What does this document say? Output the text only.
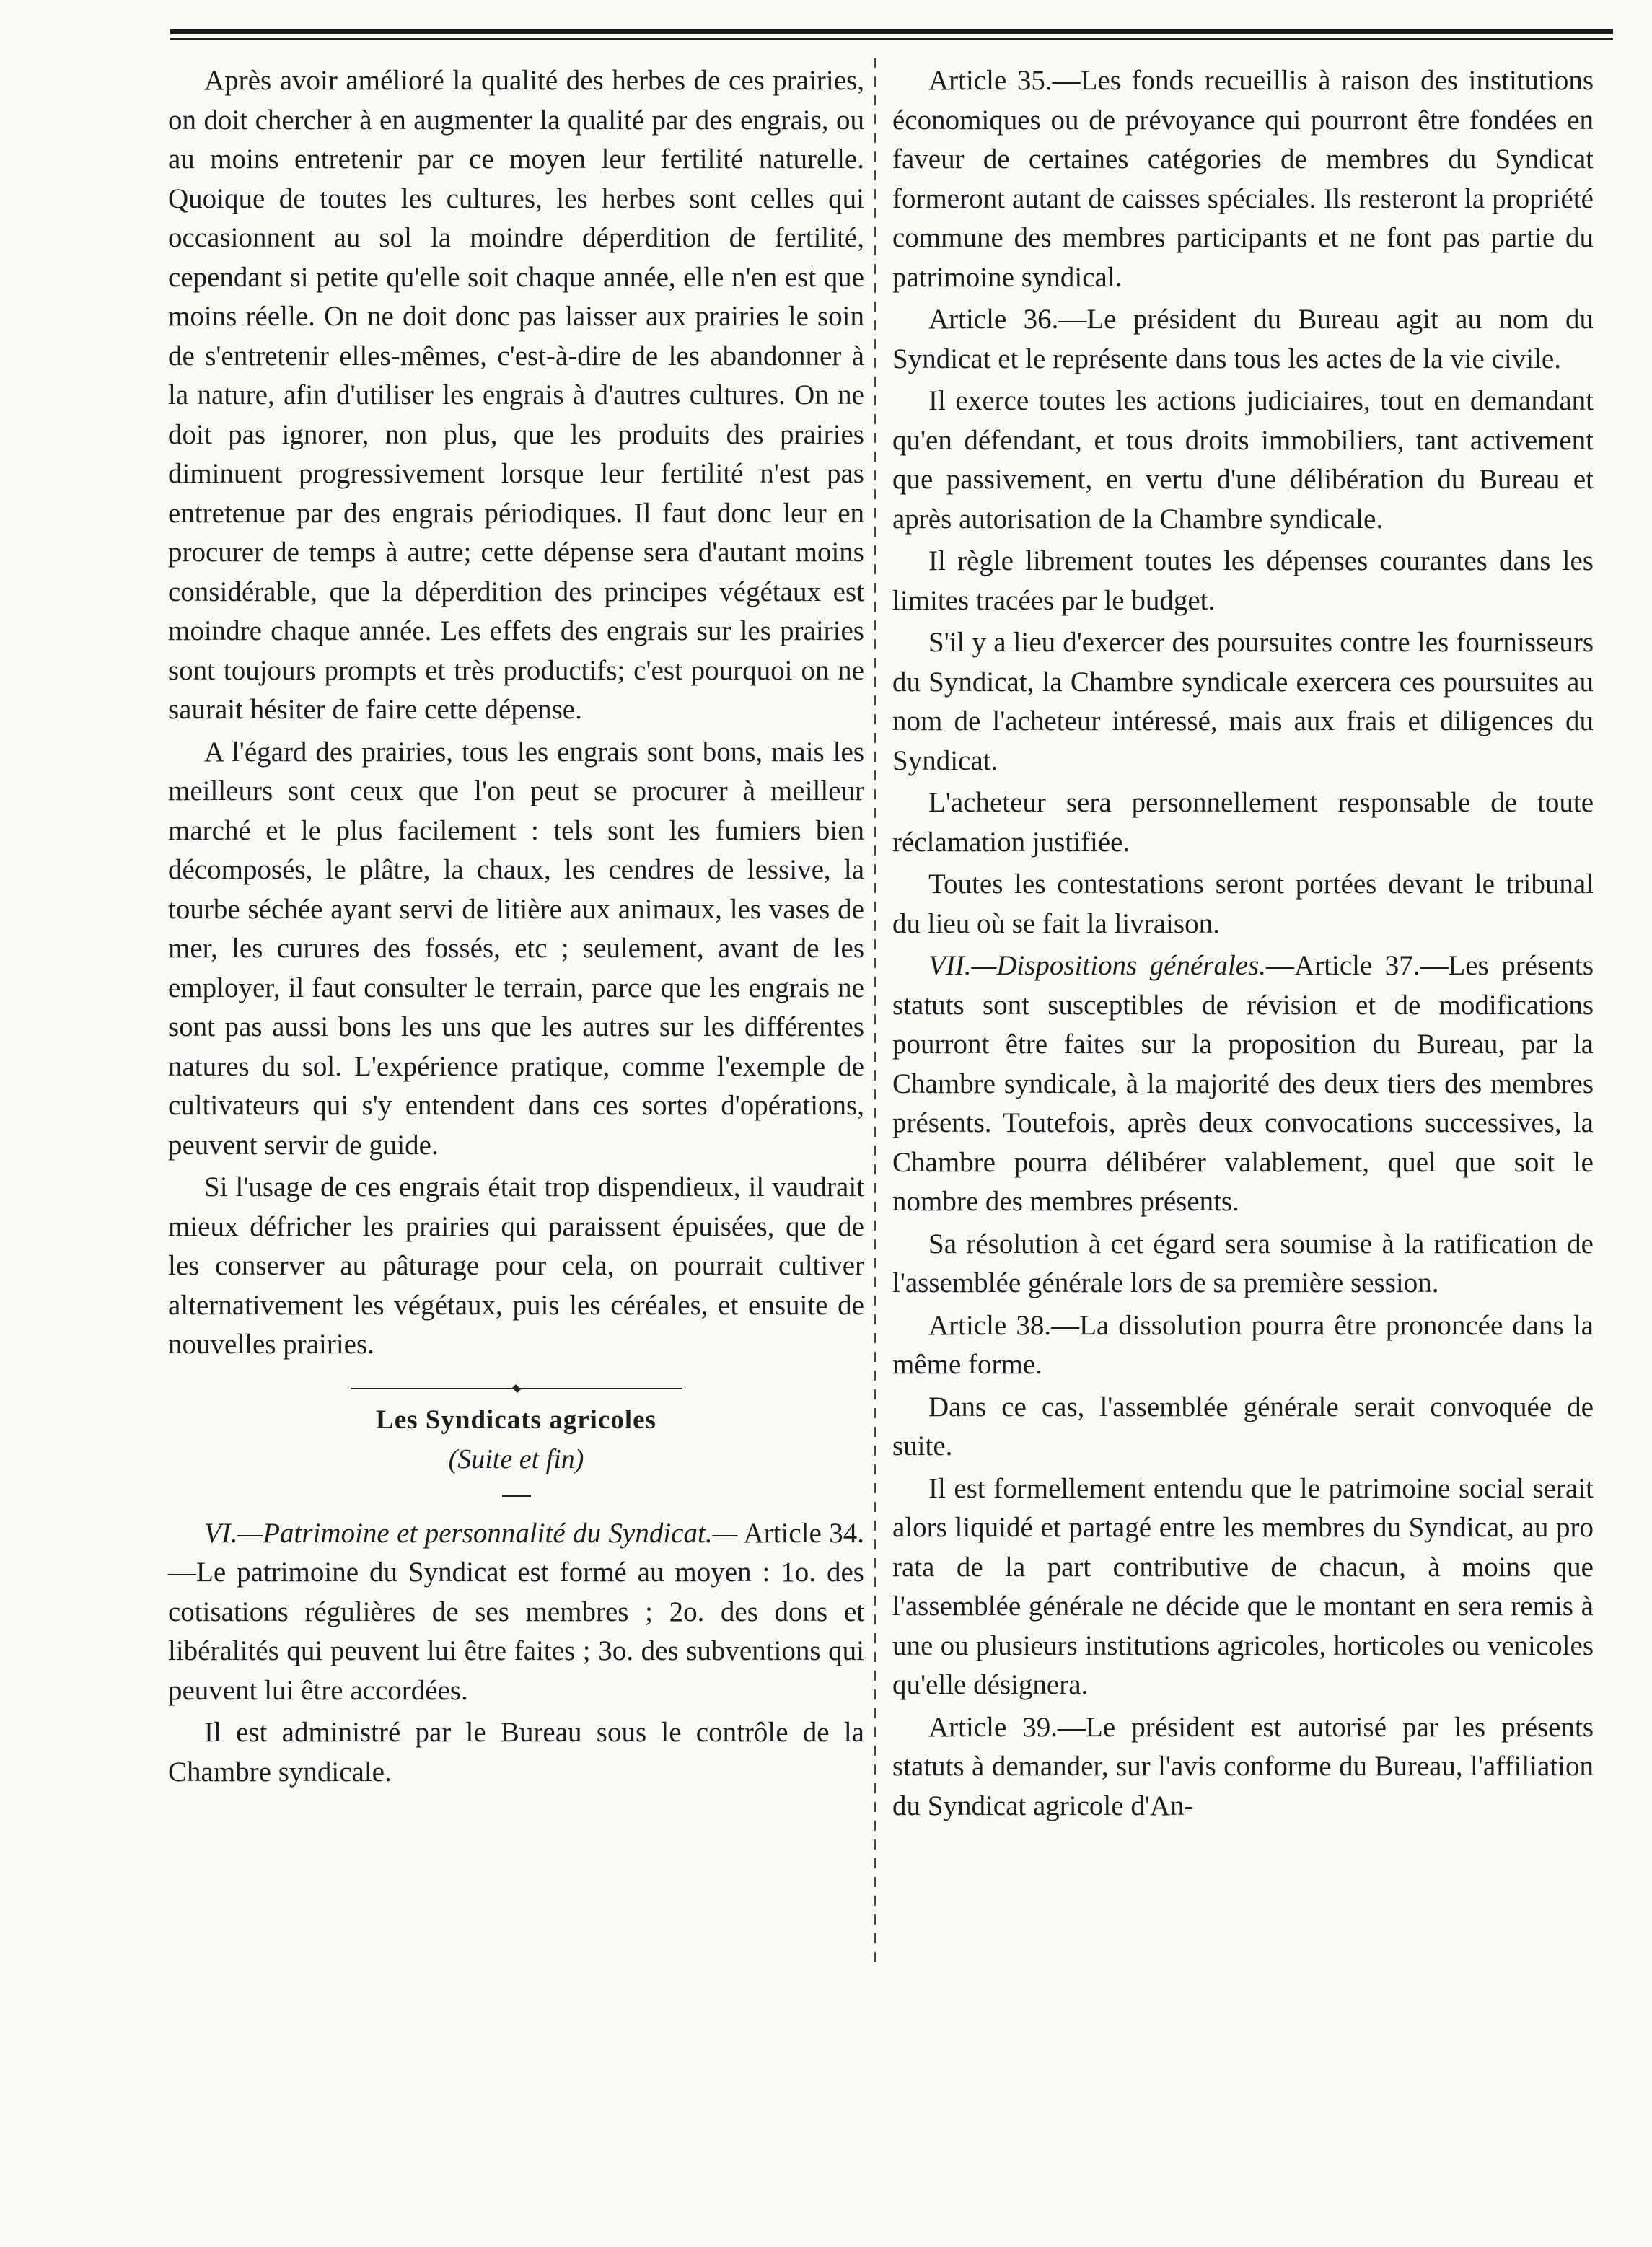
Après avoir amélioré la qualité des herbes de ces prairies, on doit chercher à en augmenter la qualité par des engrais, ou au moins entretenir par ce moyen leur fertilité naturelle. Quoique de toutes les cultures, les herbes sont celles qui occasionnent au sol la moindre déperdition de fertilité, cependant si petite qu'elle soit chaque année, elle n'en est que moins réelle. On ne doit donc pas laisser aux prairies le soin de s'entretenir elles-mêmes, c'est-à-dire de les abandonner à la nature, afin d'utiliser les engrais à d'autres cultures. On ne doit pas ignorer, non plus, que les produits des prairies diminuent progressivement lorsque leur fertilité n'est pas entretenue par des engrais périodiques. Il faut donc leur en procurer de temps à autre; cette dépense sera d'autant moins considérable, que la déperdition des principes végétaux est moindre chaque année. Les effets des engrais sur les prairies sont toujours prompts et très productifs; c'est pourquoi on ne saurait hésiter de faire cette dépense.

A l'égard des prairies, tous les engrais sont bons, mais les meilleurs sont ceux que l'on peut se procurer à meilleur marché et le plus facilement : tels sont les fumiers bien décomposés, le plâtre, la chaux, les cendres de lessive, la tourbe séchée ayant servi de litière aux animaux, les vases de mer, les curures des fossés, etc ; seulement, avant de les employer, il faut consulter le terrain, parce que les engrais ne sont pas aussi bons les uns que les autres sur les différentes natures du sol. L'expérience pratique, comme l'exemple de cultivateurs qui s'y entendent dans ces sortes d'opérations, peuvent servir de guide.

Si l'usage de ces engrais était trop dispendieux, il vaudrait mieux défricher les prairies qui paraissent épuisées, que de les conserver au pâturage pour cela, on pourrait cultiver alternativement les végétaux, puis les céréales, et ensuite de nouvelles prairies.

Les Syndicats agricoles

(Suite et fin)

VI.—Patrimoine et personnalité du Syndicat.— Article 34.—Le patrimoine du Syndicat est formé au moyen : 1o. des cotisations régulières de ses membres ; 2o. des dons et libéralités qui peuvent lui être faites ; 3o. des subventions qui peuvent lui être accordées.

Il est administré par le Bureau sous le contrôle de la Chambre syndicale.

Article 35.—Les fonds recueillis à raison des institutions économiques ou de prévoyance qui pourront être fondées en faveur de certaines catégories de membres du Syndicat formeront autant de caisses spéciales. Ils resteront la propriété commune des membres participants et ne font pas partie du patrimoine syndical.

Article 36.—Le président du Bureau agit au nom du Syndicat et le représente dans tous les actes de la vie civile.

Il exerce toutes les actions judiciaires, tout en demandant qu'en défendant, et tous droits immobiliers, tant activement que passivement, en vertu d'une délibération du Bureau et après autorisation de la Chambre syndicale.

Il règle librement toutes les dépenses courantes dans les limites tracées par le budget.

S'il y a lieu d'exercer des poursuites contre les fournisseurs du Syndicat, la Chambre syndicale exercera ces poursuites au nom de l'acheteur intéressé, mais aux frais et diligences du Syndicat.

L'acheteur sera personnellement responsable de toute réclamation justifiée.

Toutes les contestations seront portées devant le tribunal du lieu où se fait la livraison.

VII.—Dispositions générales.—Article 37.—Les présents statuts sont susceptibles de révision et de modifications pourront être faites sur la proposition du Bureau, par la Chambre syndicale, à la majorité des deux tiers des membres présents. Toutefois, après deux convocations successives, la Chambre pourra délibérer valablement, quel que soit le nombre des membres présents.

Sa résolution à cet égard sera soumise à la ratification de l'assemblée générale lors de sa première session.

Article 38.—La dissolution pourra être prononcée dans la même forme.

Dans ce cas, l'assemblée générale serait convoquée de suite.

Il est formellement entendu que le patrimoine social serait alors liquidé et partagé entre les membres du Syndicat, au pro rata de la part contributive de chacun, à moins que l'assemblée générale ne décide que le montant en sera remis à une ou plusieurs institutions agricoles, horticoles ou venicoles qu'elle désignera.

Article 39.—Le président est autorisé par les présents statuts à demander, sur l'avis conforme du Bureau, l'affiliation du Syndicat agricole d'An-
